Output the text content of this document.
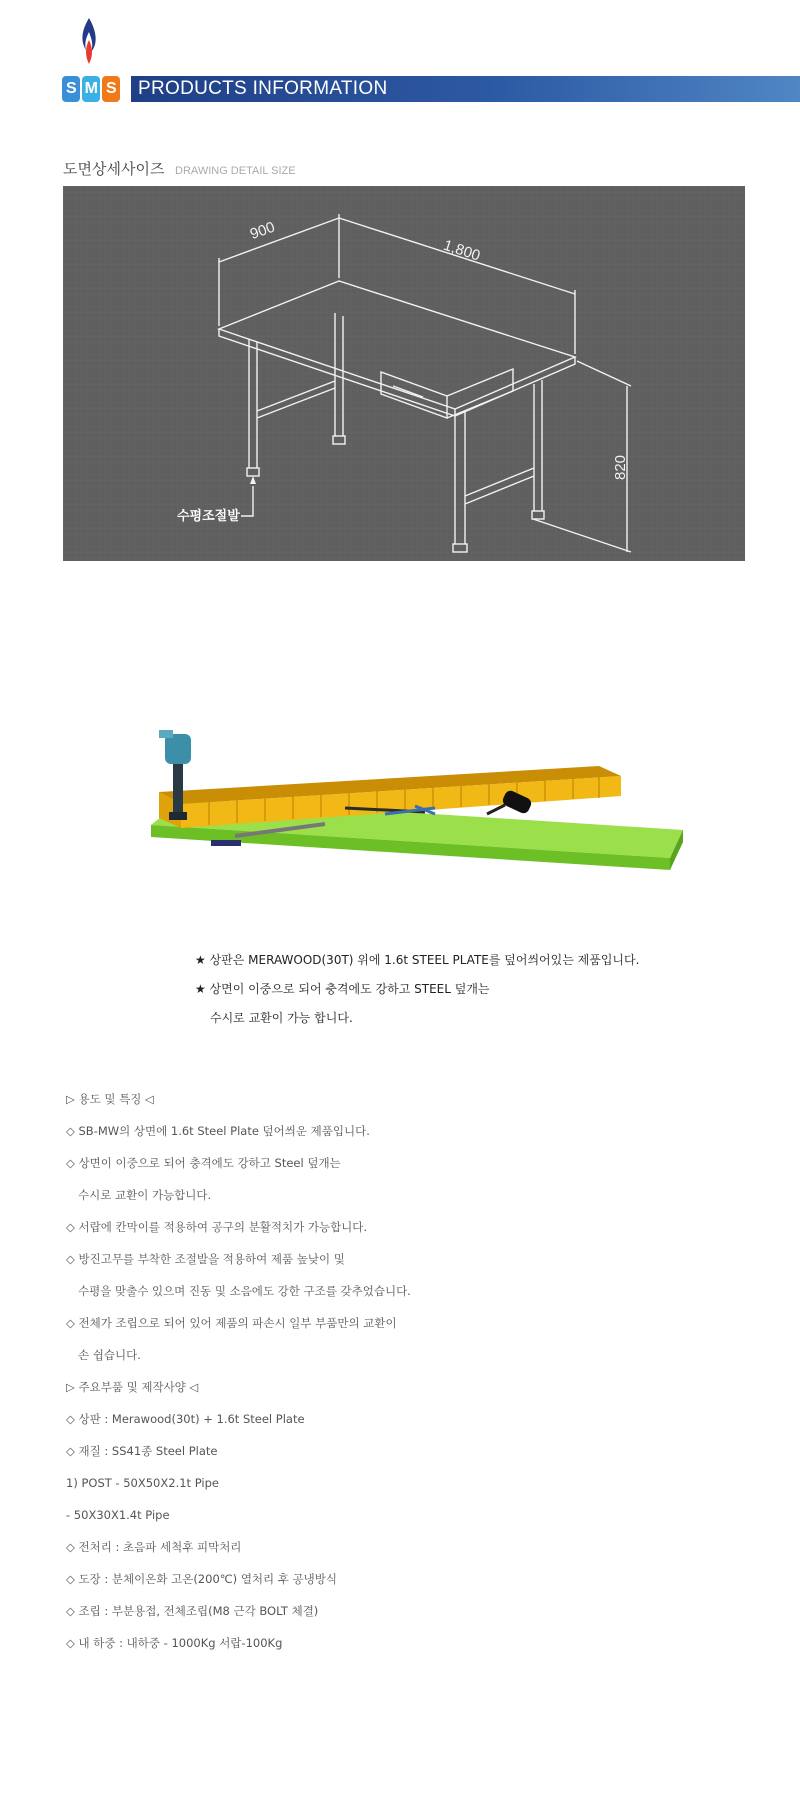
SMS PRODUCTS INFORMATION
도면상세사이즈 DRAWING DETAIL SIZE
900
1,800
820
수평조절발
★ 상판은 MERAWOOD(30T) 위에 1.6t STEEL PLATE를 덮어씌어있는 제품입니다.
★ 상면이 이중으로 되어 충격에도 강하고 STEEL 덮개는
수시로 교환이 가능 합니다.
▷ 용도 및 특징 ◁
◇ SB-MW의 상면에 1.6t Steel Plate 덮어씌운 제품입니다.
◇ 상면이 이중으로 되어 충격에도 강하고 Steel 덮개는
수시로 교환이 가능합니다.
◇ 서랍에 칸막이를 적용하여 공구의 분활적치가 가능합니다.
◇ 방진고무를 부착한 조절발을 적용하여 제품 높낮이 및
수평을 맞출수 있으며 진동 및 소음에도 강한 구조를 갖추었습니다.
◇ 전체가 조립으로 되어 있어 제품의 파손시 일부 부품만의 교환이
손 쉽습니다.
▷ 주요부품 및 제작사양 ◁
◇ 상판 : Merawood(30t) + 1.6t Steel Plate
◇ 재질 : SS41종 Steel Plate
1) POST - 50X50X2.1t Pipe
- 50X30X1.4t Pipe
◇ 전처리 : 초음파 세척후 피막처리
◇ 도장 : 분체이온화 고온(200℃) 열처리 후 공냉방식
◇ 조립 : 부분용접, 전체조립(M8 근각 BOLT 체결)
◇ 내 하중 : 내하중 - 1000Kg 서랍-100Kg
